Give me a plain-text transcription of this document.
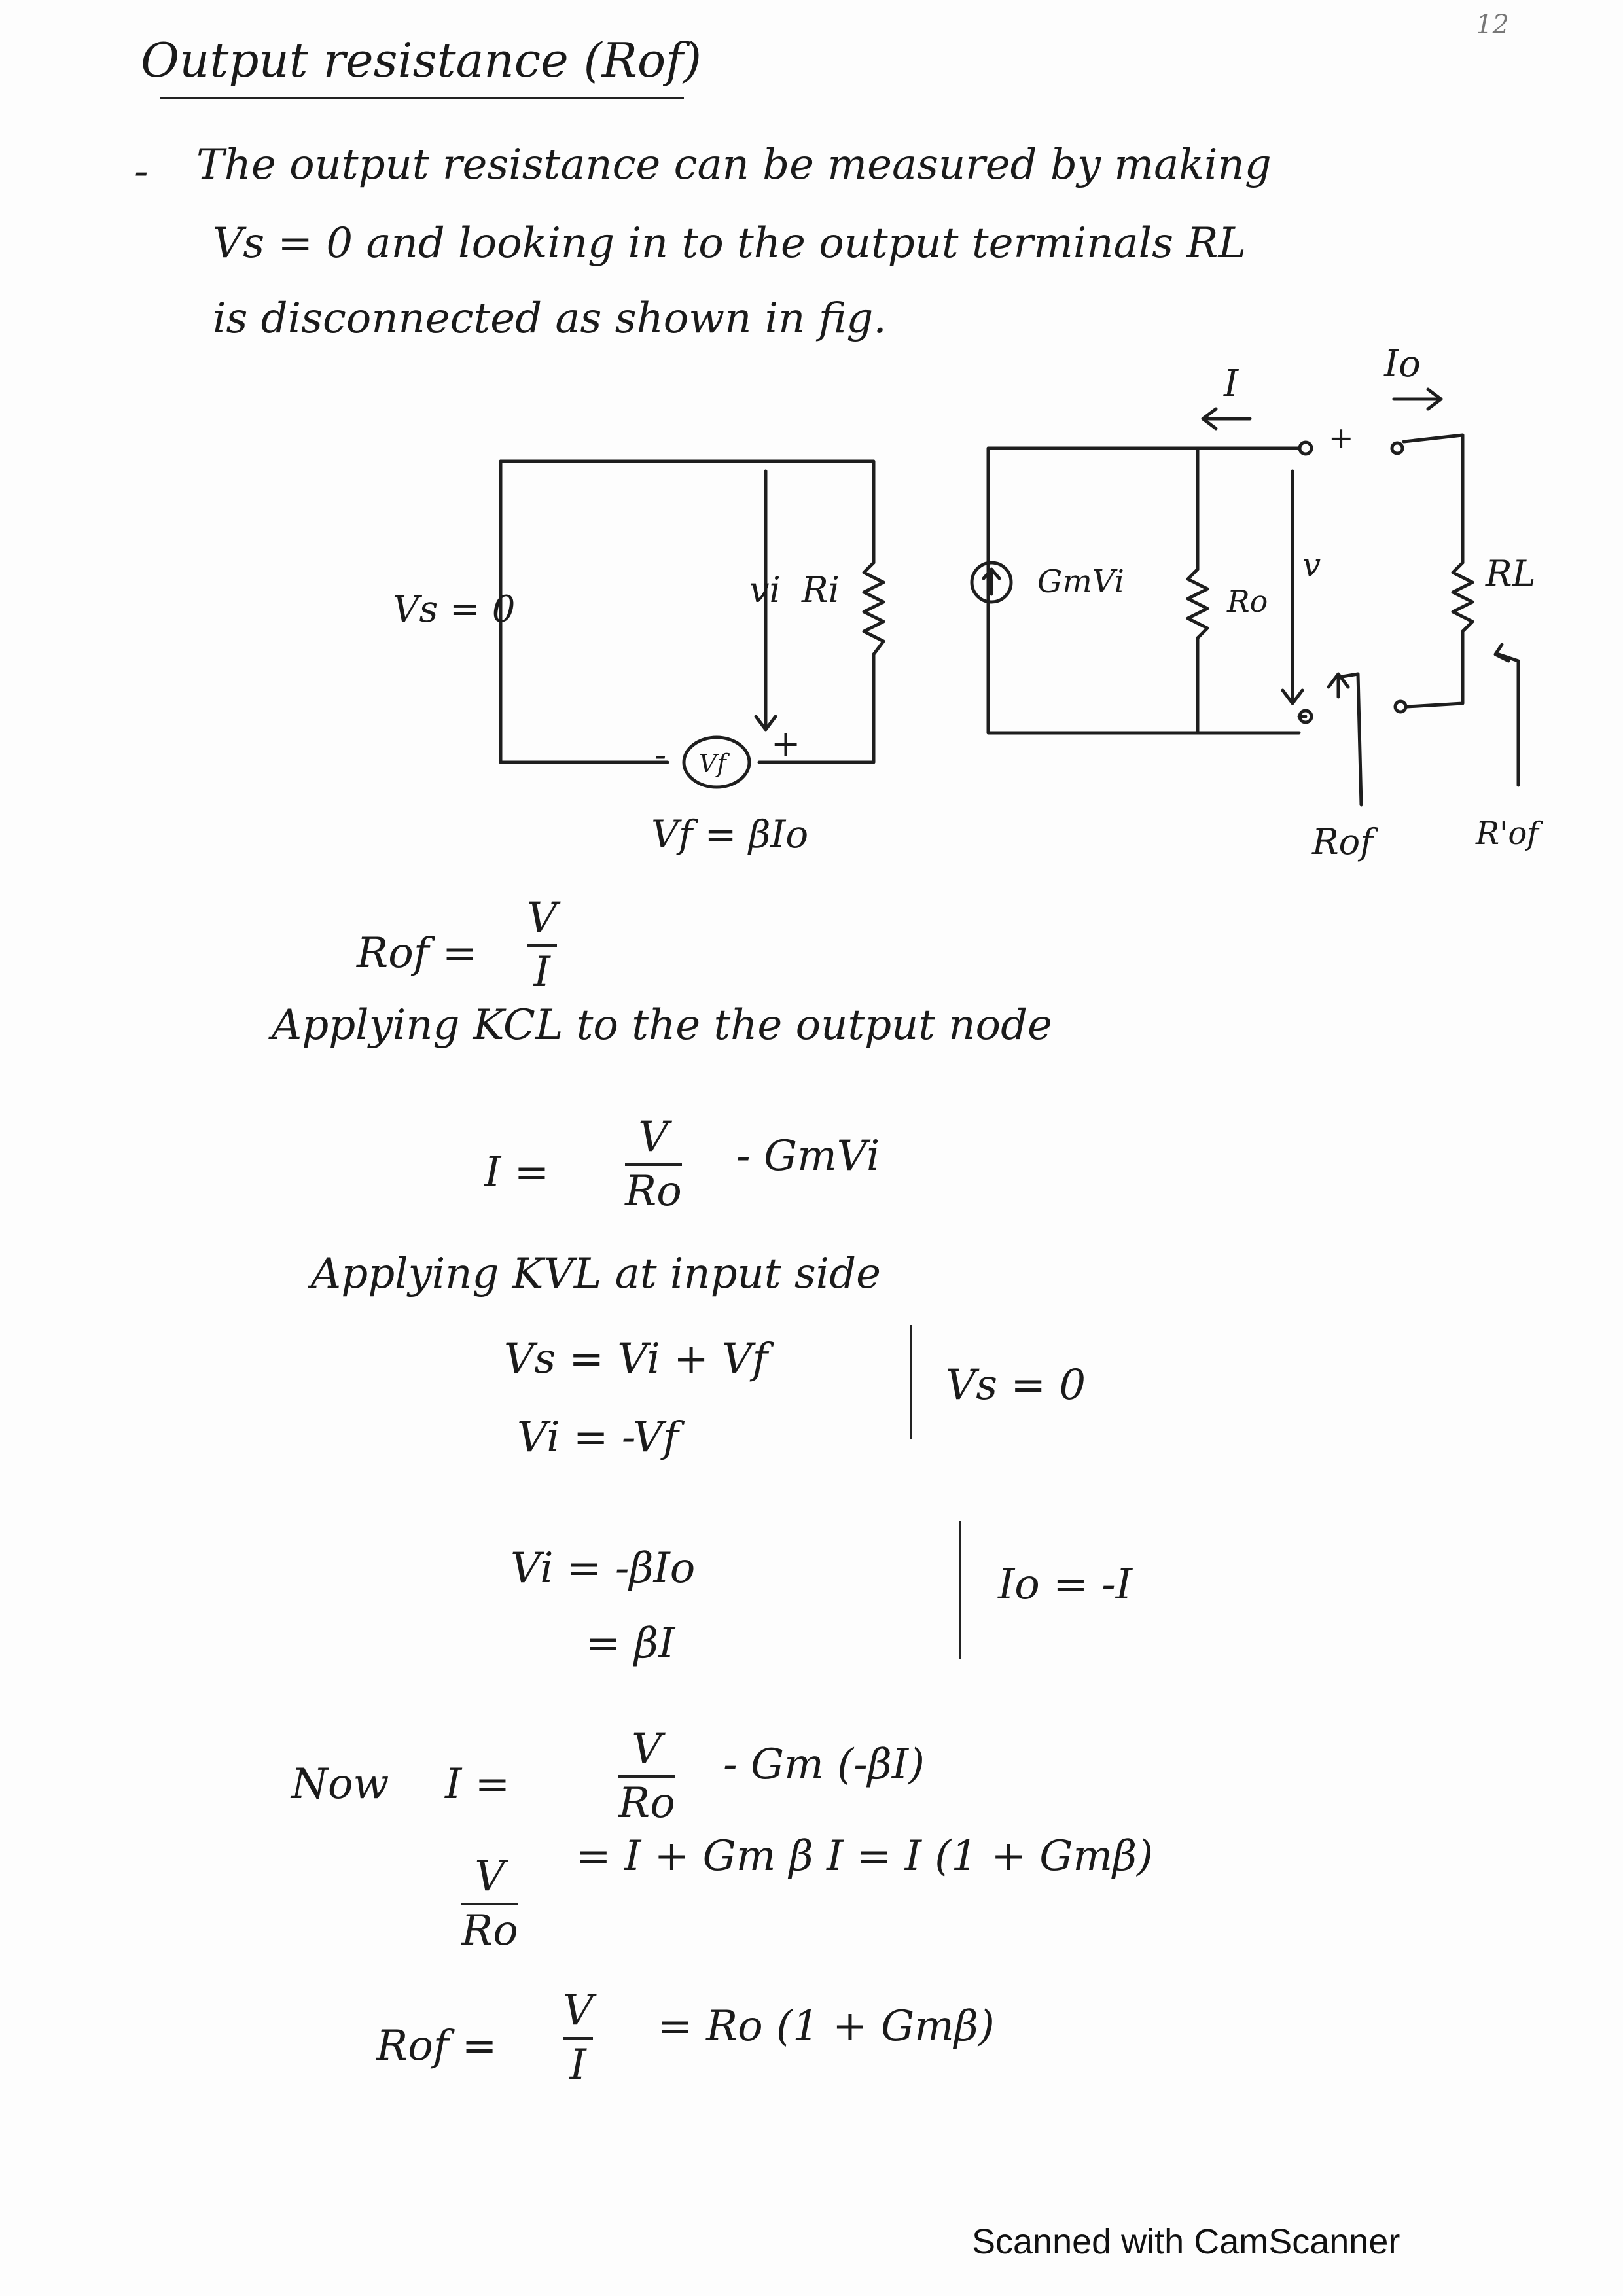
12
Output resistance (Rof)
- The output resistance can be measured by making
Vs = 0 and looking in to the output terminals RL
is disconnected as shown in fig.
Vs = 0	vi Ri
Vf
-	+
Vf = βIo
GmVi
Ro
I	Io
+
v	RL
Rof	R'of
Rof =
V
I
Applying KCL to the the output node
I =
V
Ro
- GmVi
Applying KVL at input side
Vs = Vi + Vf
Vi = -Vf
Vs = 0
Vi = -βIo
= βI
Io = -I
Now I =
V
Ro
- Gm (-βI)
V
Ro
= I + Gm β I = I (1 + Gmβ)
Rof =
V
I
= Ro (1 + Gmβ)
Scanned with CamScanner
